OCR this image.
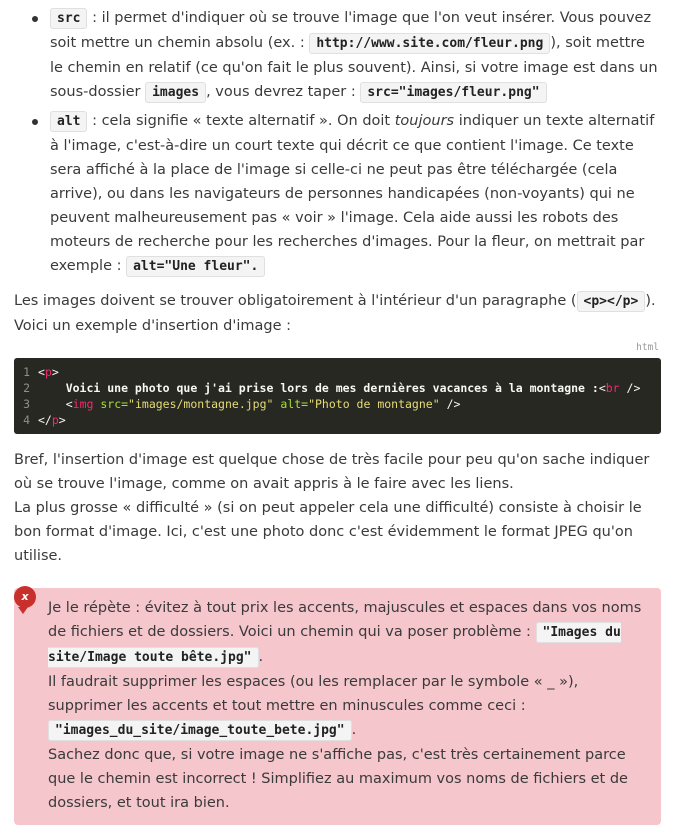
src : il permet d'indiquer où se trouve l'image que l'on veut insérer. Vous pouvez soit mettre un chemin absolu (ex. : http://www.site.com/fleur.png ), soit mettre le chemin en relatif (ce qu'on fait le plus souvent). Ainsi, si votre image est dans un sous-dossier images , vous devrez taper : src="images/fleur.png"
alt : cela signifie « texte alternatif ». On doit toujours indiquer un texte alternatif à l'image, c'est-à-dire un court texte qui décrit ce que contient l'image. Ce texte sera affiché à la place de l'image si celle-ci ne peut pas être téléchargée (cela arrive), ou dans les navigateurs de personnes handicapées (non-voyants) qui ne peuvent malheureusement pas « voir » l'image. Cela aide aussi les robots des moteurs de recherche pour les recherches d'images. Pour la fleur, on mettrait par exemple : alt="Une fleur".

Les images doivent se trouver obligatoirement à l'intérieur d'un paragraphe ( <p></p> ).
Voici un exemple d'insertion d'image :

html
1 < p >
2 Voici une photo que j'ai prise lors de mes dernières vacances à la montagne : < br />
3
	< img src= "images/montagne.jpg" alt= "Photo de montagne" />
4 </ p >

Bref, l'insertion d'image est quelque chose de très facile pour peu qu'on sache indiquer où se trouve l'image, comme on avait appris à le faire avec les liens.
La plus grosse « difficulté » (si on peut appeler cela une difficulté) consiste à choisir le bon format d'image. Ici, c'est une photo donc c'est évidemment le format JPEG qu'on utilise.

x
Je le répète : évitez à tout prix les accents, majuscules et espaces dans vos noms de fichiers et de dossiers. Voici un chemin qui va poser problème : "Images du site/Image toute bête.jpg" .
Il faudrait supprimer les espaces (ou les remplacer par le symbole « _ »), supprimer les accents et tout mettre en minuscules comme ceci : "images_du_site/image_toute_bete.jpg" .
Sachez donc que, si votre image ne s'affiche pas, c'est très certainement parce que le chemin est incorrect ! Simplifiez au maximum vos noms de fichiers et de dossiers, et tout ira bien.
